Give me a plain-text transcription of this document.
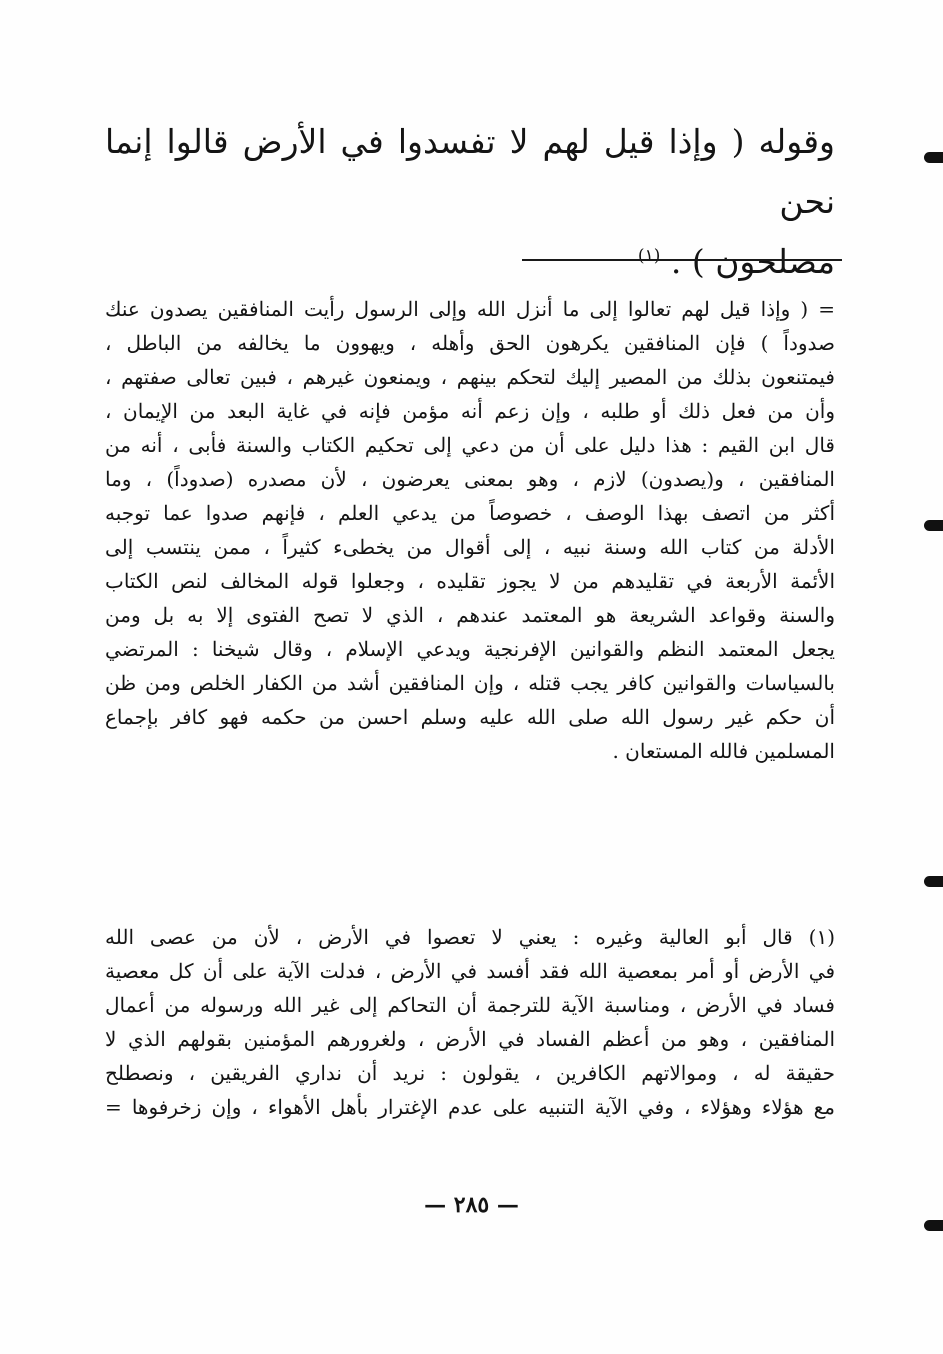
وقوله ( وإذا قيل لهم لا تفسدوا في الأرض قالوا إنما نحن
مصلحون ) . $^{(١)}$
= ( وإذا قيل لهم تعالوا إلى ما أنزل الله وإلى الرسول رأيت المنافقين يصدون عنك
صدوداً ) فإن المنافقين يكرهون الحق وأهله ، ويهوون ما يخالفه من الباطل ،
فيمتنعون بذلك من المصير إليك لتحكم بينهم ، ويمنعون غيرهم ، فبين تعالى صفتهم ،
وأن من فعل ذلك أو طلبه ، وإن زعم أنه مؤمن فإنه في غاية البعد من الإيمان ،
قال ابن القيم : هذا دليل على أن من دعي إلى تحكيم الكتاب والسنة فأبى ، أنه من
المنافقين ، و(يصدون) لازم ، وهو بمعنى يعرضون ، لأن مصدره (صدوداً) ، وما
أكثر من اتصف بهذا الوصف ، خصوصاً من يدعي العلم ، فإنهم صدوا عما توجبه
الأدلة من كتاب الله وسنة نبيه ، إلى أقوال من يخطىء كثيراً ، ممن ينتسب إلى
الأئمة الأربعة في تقليدهم من لا يجوز تقليده ، وجعلوا قوله المخالف لنص الكتاب
والسنة وقواعد الشريعة هو المعتمد عندهم ، الذي لا تصح الفتوى إلا به بل ومن
يجعل المعتمد النظم والقوانين الإفرنجية ويدعي الإسلام ، وقال شيخنا : المرتضي
بالسياسات والقوانين كافر يجب قتله ، وإن المنافقين أشد من الكفار الخلص ومن ظن
أن حكم غير رسول الله صلى الله عليه وسلم احسن من حكمه فهو كافر بإجماع
المسلمين فالله المستعان .
(١) قال أبو العالية وغيره : يعني لا تعصوا في الأرض ، لأن من عصى الله
في الأرض أو أمر بمعصية الله فقد أفسد في الأرض ، فدلت الآية على أن كل معصية
فساد في الأرض ، ومناسبة الآية للترجمة أن التحاكم إلى غير الله ورسوله من أعمال
المنافقين ، وهو من أعظم الفساد في الأرض ، ولغرورهم المؤمنين بقولهم الذي لا
حقيقة له ، وموالاتهم الكافرين ، يقولون : نريد أن نداري الفريقين ، ونصطلح
مع هؤلاء وهؤلاء ، وفي الآية التنبيه على عدم الإغترار بأهل الأهواء ، وإن زخرفوها =
— ٢٨٥ —
